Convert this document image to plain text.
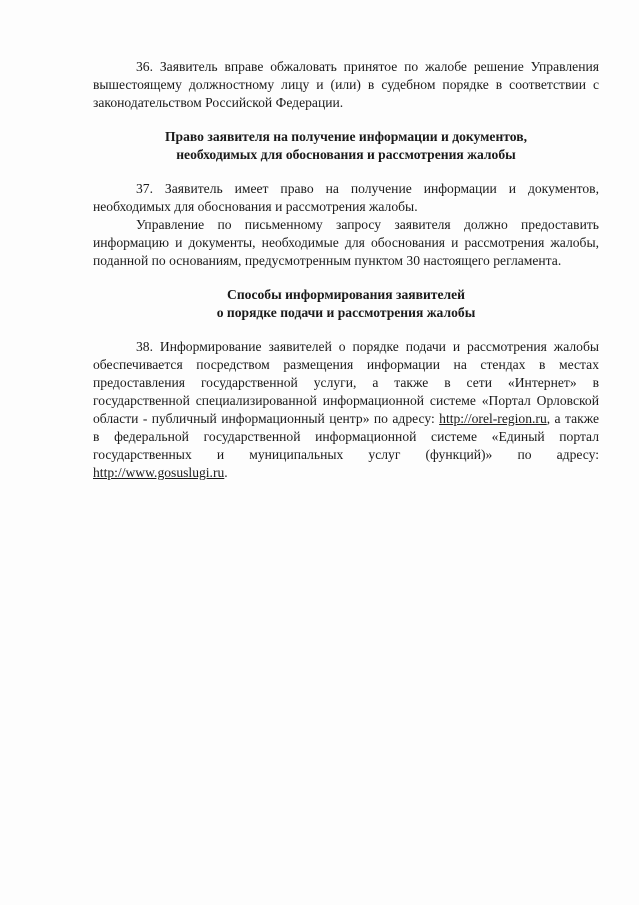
36. Заявитель вправе обжаловать принятое по жалобе решение Управления вышестоящему должностному лицу и (или) в судебном порядке в соответствии с законодательством Российской Федерации.

Право заявителя на получение информации и документов,

необходимых для обоснования и рассмотрения жалобы

37. Заявитель имеет право на получение информации и документов, необходимых для обоснования и рассмотрения жалобы.

Управление по письменному запросу заявителя должно предоставить информацию и документы, необходимые для обоснования и рассмотрения жалобы, поданной по основаниям, предусмотренным пунктом 30 настоящего регламента.

Способы информирования заявителей

о порядке подачи и рассмотрения жалобы

38. Информирование заявителей о порядке подачи и рассмотрения жалобы обеспечивается посредством размещения информации на стендах в местах предоставления государственной услуги, а также в сети «Интернет» в государственной специализированной информационной системе «Портал Орловской области - публичный информационный центр» по адресу: http://orel-region.ru, а также в федеральной государственной информационной системе «Единый портал государственных и муниципальных услуг (функций)» по адресу: http://www.gosuslugi.ru.
